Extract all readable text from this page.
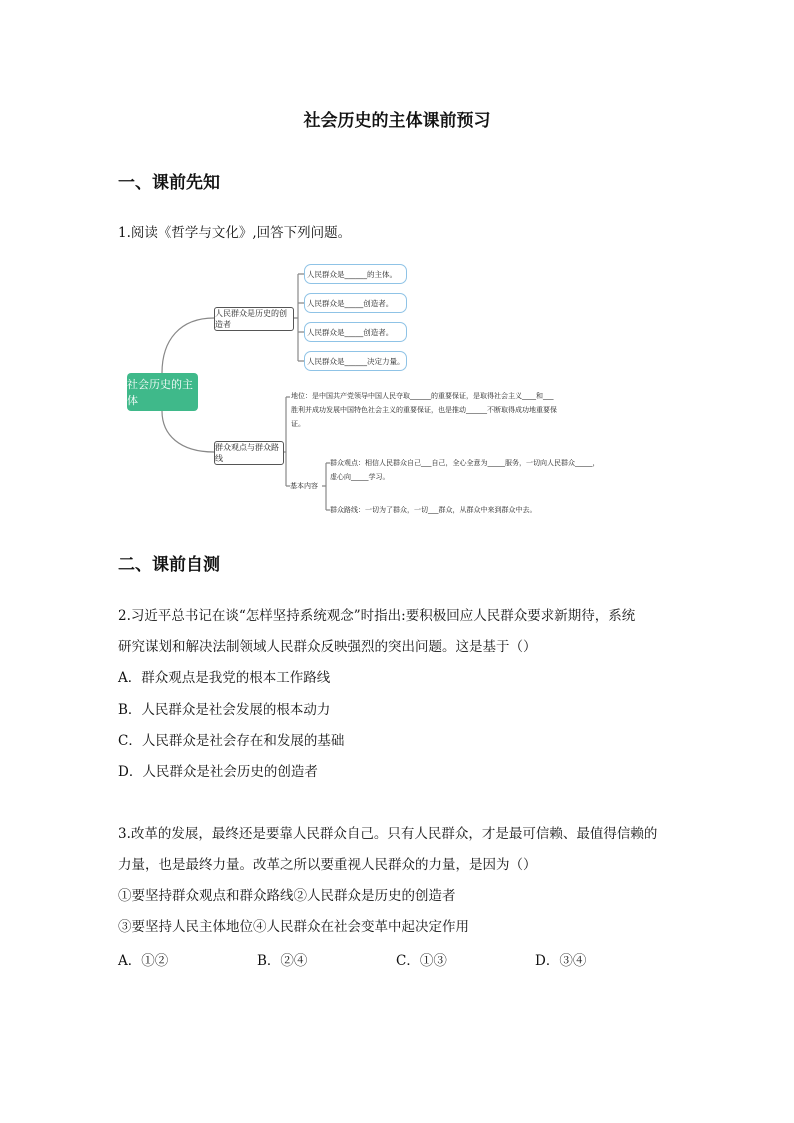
社会历史的主体课前预习
一、课前先知
1.阅读《哲学与文化》,回答下列问题。
社会历史的主体
人民群众是历史的创造者
人民群众是______的主体。
人民群众是_____创造者。
人民群众是_____创造者。
人民群众是______决定力量。
群众观点与群众路线
地位：是中国共产党领导中国人民夺取______的重要保证，是取得社会主义____和___
胜利并成功发展中国特色社会主义的重要保证，也是推动______不断取得成功地重要保
证。
基本内容
群众观点：相信人民群众自己___自己，全心全意为_____服务，一切向人民群众_____，
虚心向_____学习。
群众路线：一切为了群众，一切___群众，从群众中来到群众中去。
二、课前自测
2.习近平总书记在谈“怎样坚持系统观念”时指出:要积极回应人民群众要求新期待，系统
研究谋划和解决法制领域人民群众反映强烈的突出问题。这是基于（）
A．群众观点是我党的根本工作路线
B．人民群众是社会发展的根本动力
C．人民群众是社会存在和发展的基础
D．人民群众是社会历史的创造者
3.改革的发展，最终还是要靠人民群众自己。只有人民群众，才是最可信赖、最值得信赖的
力量，也是最终力量。改革之所以要重视人民群众的力量，是因为（）
①要坚持群众观点和群众路线②人民群众是历史的创造者
③要坚持人民主体地位④人民群众在社会变革中起决定作用
A．①②	B．②④	C．①③	D．③④
